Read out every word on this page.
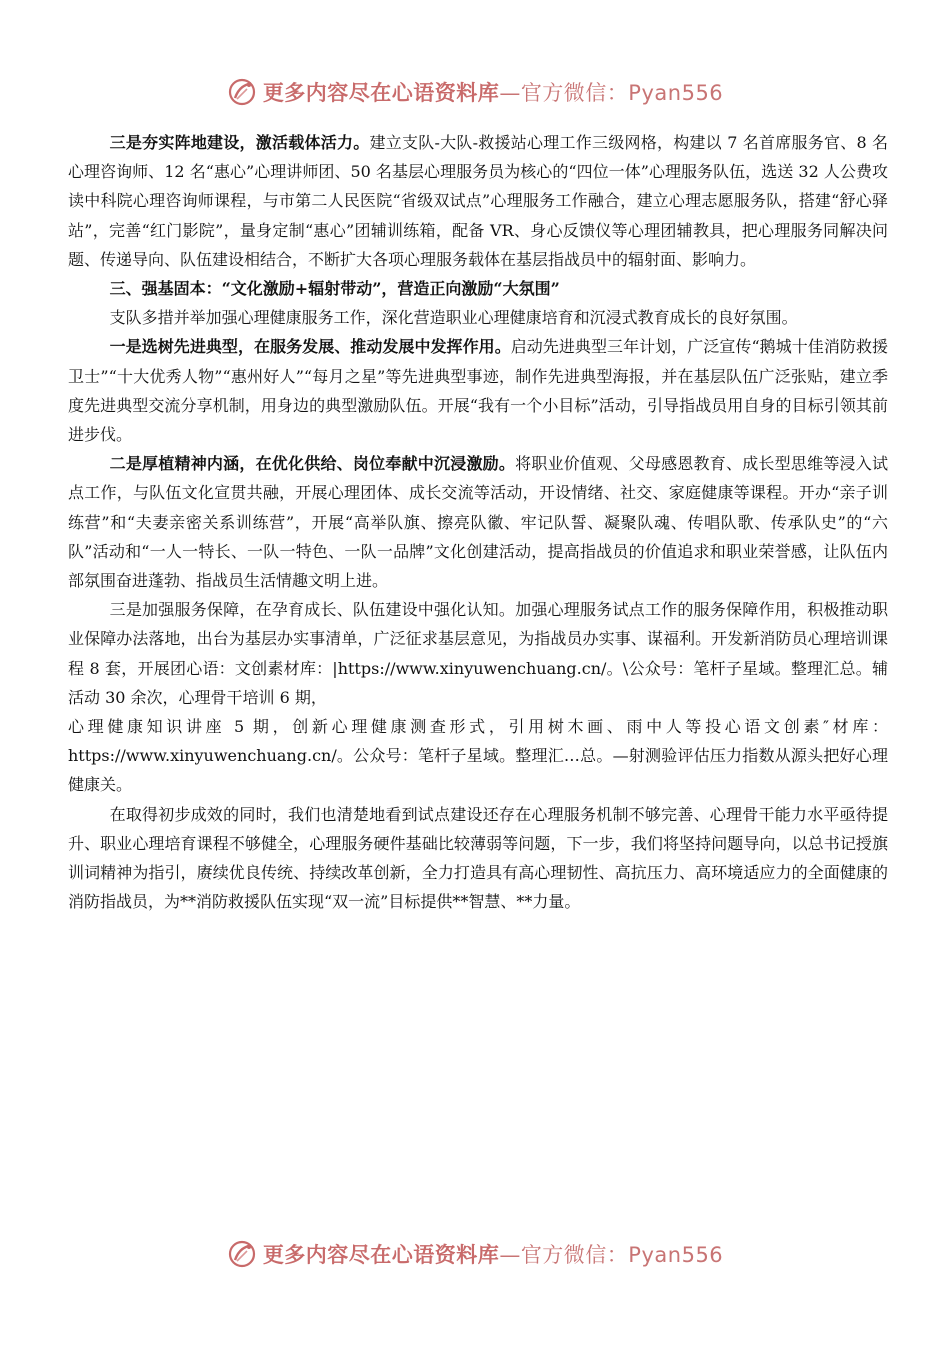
更多内容尽在心语资料库—官方微信：Pyan556

三是夯实阵地建设，激活载体活力。建立支队-大队-救援站心理工作三级网格，构建以 7 名首席服务官、8 名心理咨询师、12 名“惠心”心理讲师团、50 名基层心理服务员为核心的“四位一体”心理服务队伍，选送 32 人公费攻读中科院心理咨询师课程，与市第二人民医院“省级双试点”心理服务工作融合，建立心理志愿服务队，搭建“舒心驿站”，完善“红门影院”，量身定制“惠心”团辅训练箱，配备 VR、身心反馈仪等心理团辅教具，把心理服务同解决问题、传递导向、队伍建设相结合，不断扩大各项心理服务载体在基层指战员中的辐射面、影响力。

三、强基固本：“文化激励+辐射带动”，营造正向激励“大氛围”

支队多措并举加强心理健康服务工作，深化营造职业心理健康培育和沉浸式教育成长的良好氛围。

一是选树先进典型，在服务发展、推动发展中发挥作用。启动先进典型三年计划，广泛宣传“鹅城十佳消防救援卫士”“十大优秀人物”“惠州好人”“每月之星”等先进典型事迹，制作先进典型海报，并在基层队伍广泛张贴，建立季度先进典型交流分享机制，用身边的典型激励队伍。开展“我有一个小目标”活动，引导指战员用自身的目标引领其前进步伐。

二是厚植精神内涵，在优化供给、岗位奉献中沉浸激励。将职业价值观、父母感恩教育、成长型思维等浸入试点工作，与队伍文化宣贯共融，开展心理团体、成长交流等活动，开设情绪、社交、家庭健康等课程。开办“亲子训练营”和“夫妻亲密关系训练营”，开展“高举队旗、擦亮队徽、牢记队誓、凝聚队魂、传唱队歌、传承队史”的“六队”活动和“一人一特长、一队一特色、一队一品牌”文化创建活动，提高指战员的价值追求和职业荣誉感，让队伍内部氛围奋进蓬勃、指战员生活情趣文明上进。

三是加强服务保障，在孕育成长、队伍建设中强化认知。加强心理服务试点工作的服务保障作用，积极推动职业保障办法落地，出台为基层办实事清单，广泛征求基层意见，为指战员办实事、谋福利。开发新消防员心理培训课程 8 套，开展团心语：文创素材库：|https://www.xinyuwenchuang.cn/。\公众号：笔杆子星域。整理汇总。辅活动 30 余次，心理骨干培训 6 期，

心理健康知识讲座 5 期，创新心理健康测查形式，引用树木画、雨中人等投心语文创素″材库：https://www.xinyuwenchuang.cn/。公众号：笔杆子星域。整理汇…总。—射测验评估压力指数从源头把好心理健康关。

在取得初步成效的同时，我们也清楚地看到试点建设还存在心理服务机制不够完善、心理骨干能力水平亟待提升、职业心理培育课程不够健全，心理服务硬件基础比较薄弱等问题，下一步，我们将坚持问题导向，以总书记授旗训词精神为指引，赓续优良传统、持续改革创新，全力打造具有高心理韧性、高抗压力、高环境适应力的全面健康的消防指战员，为**消防救援队伍实现“双一流”目标提供**智慧、**力量。

更多内容尽在心语资料库—官方微信：Pyan556
